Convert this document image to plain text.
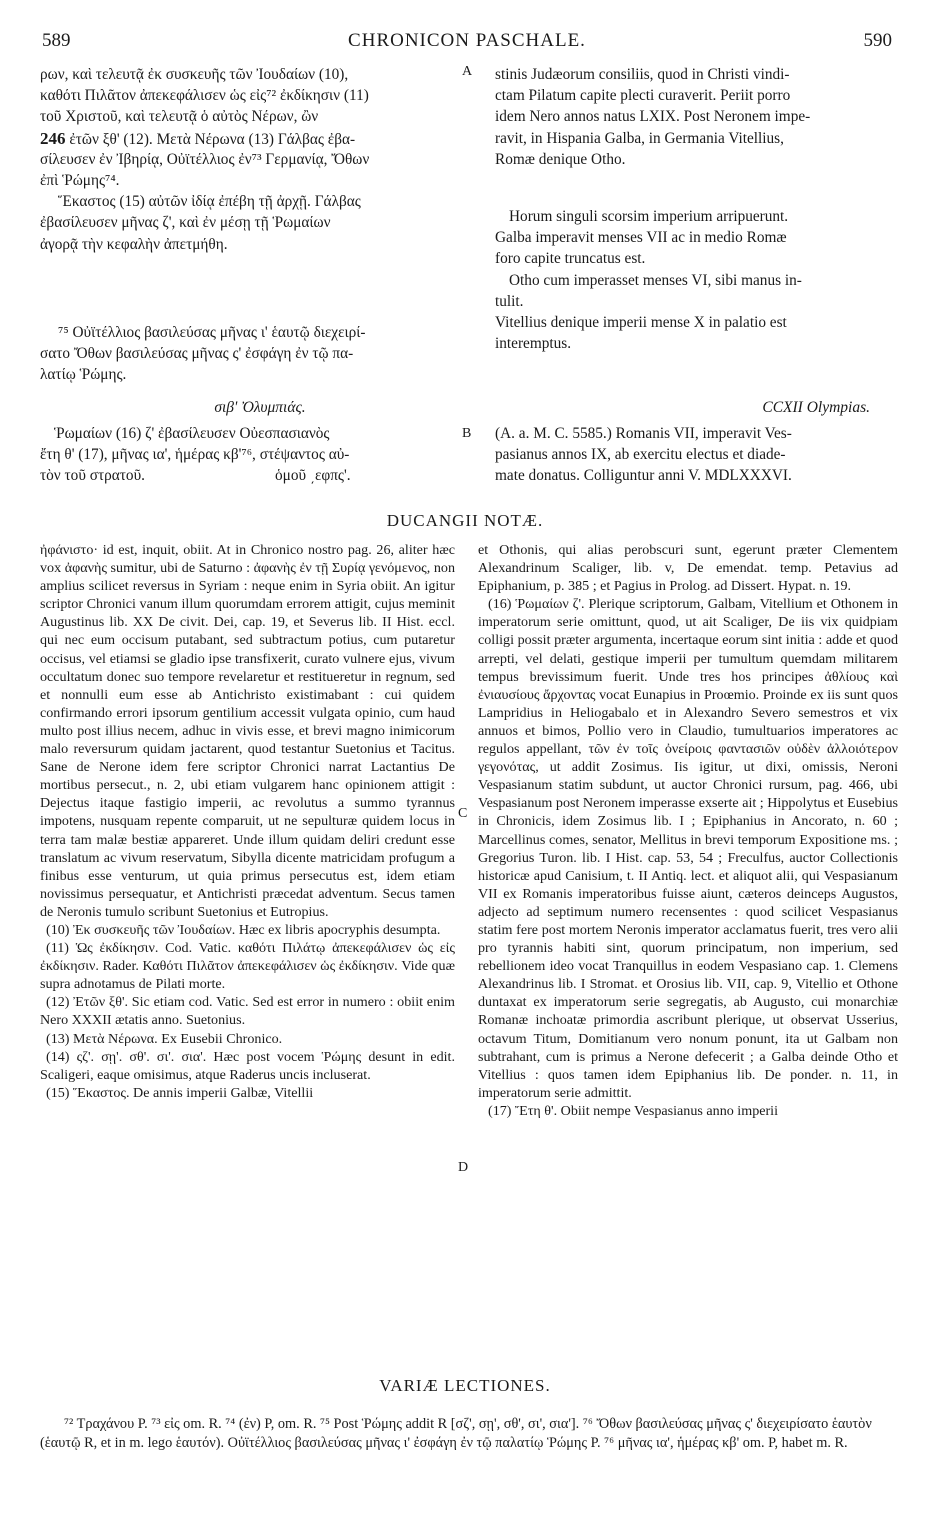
589	CHRONICON PASCHALE.	590
ρων, καὶ τελευτᾷ ἐκ συσκευῆς τῶν Ἰουδαίων (10),
καθότι Πιλᾶτον ἀπεκεφάλισεν ὡς εἰς⁷² ἐκδίκησιν (11)
τοῦ Χριστοῦ, καὶ τελευτᾷ ὁ αὐτὸς Νέρων, ὢν
246 ἐτῶν ξθ' (12). Μετὰ Νέρωνα (13) Γάλβας ἐβα-
σίλευσεν ἐν Ἰβηρίᾳ, Οὐϊτέλλιος ἐν⁷³ Γερμανίᾳ, Ὄθων
ἐπὶ Ῥώμης⁷⁴.
Ἕκαστος (15) αὐτῶν ἰδίᾳ ἐπέβη τῇ ἀρχῇ. Γάλβας
ἐβασίλευσεν μῆνας ζ', καὶ ἐν μέσῃ τῇ Ῥωμαίων
ἀγορᾷ τὴν κεφαλὴν ἀπετμήθη.
⁷⁵ Οὐϊτέλλιος βασιλεύσας μῆνας ι' ἑαυτῷ διεχειρί-
σατο Ὄθων βασιλεύσας μῆνας ς' ἐσφάγη ἐν τῷ πα-
λατίῳ Ῥώμης.
σιβ' Ὀλυμπιάς.
Ῥωμαίων (16) ζ' ἐβασίλευσεν Οὐεσπασιανὸς
ἔτη θ' (17), μῆνας ια', ἡμέρας κβ'⁷⁶, στέψαντος αὐ-
τὸν τοῦ στρατοῦ.	ὁμοῦ ͵εφπς'.
stinis Judæorum consiliis, quod in Christi vindi-
ctam Pilatum capite plecti curaverit. Periit porro
idem Nero annos natus LXIX. Post Neronem impe-
ravit, in Hispania Galba, in Germania Vitellius,
Romæ denique Otho.
Horum singuli scorsim imperium arripuerunt.
Galba imperavit menses VII ac in medio Romæ
foro capite truncatus est.
Otho cum imperasset menses VI, sibi manus in-
tulit.
Vitellius denique imperii mense X in palatio est
interemptus.
CCXII Olympias.
(A. a. M. C. 5585.) Romanis VII, imperavit Ves-
pasianus annos IX, ab exercitu electus et diade-
mate donatus. Colliguntur anni V. MDLXXXVI.
A
B
C
D
DUCANGII NOTÆ.

ἠφάνιστο· id est, inquit, obiit. At in Chronico nostro pag. 26, aliter hæc vox ἀφανὴς sumitur, ubi de Saturno : ἀφανὴς ἐν τῇ Συρίᾳ γενόμενος, non amplius scilicet reversus in Syriam : neque enim in Syria obiit. An igitur scriptor Chronici vanum illum quorumdam errorem attigit, cujus meminit Augustinus lib. XX De civit. Dei, cap. 19, et Severus lib. II Hist. eccl. qui nec eum occisum putabant, sed subtractum potius, cum putaretur occisus, vel etiamsi se gladio ipse transfixerit, curato vulnere ejus, vivum occultatum donec suo tempore revelaretur et restitueretur in regnum, sed et nonnulli eum esse ab Antichristo existimabant : cui quidem confirmando errori ipsorum gentilium accessit vulgata opinio, cum haud multo post illius necem, adhuc in vivis esse, et brevi magno inimicorum malo reversurum quidam jactarent, quod testantur Suetonius et Tacitus. Sane de Nerone idem fere scriptor Chronici narrat Lactantius De mortibus persecut., n. 2, ubi etiam vulgarem hanc opinionem attigit : Dejectus itaque fastigio imperii, ac revolutus a summo tyrannus impotens, nusquam repente comparuit, ut ne sepulturæ quidem locus in terra tam malæ bestiæ appareret. Unde illum quidam deliri credunt esse translatum ac vivum reservatum, Sibylla dicente matricidam profugum a finibus esse venturum, ut quia primus persecutus est, idem etiam novissimus persequatur, et Antichristi præcedat adventum. Secus tamen de Neronis tumulo scribunt Suetonius et Eutropius.

(10) Ἐκ συσκευῆς τῶν Ἰουδαίων. Hæc ex libris apocryphis desumpta.

(11) Ὡς ἐκδίκησιν. Cod. Vatic. καθότι Πιλάτῳ ἀπεκεφάλισεν ὡς εἰς ἐκδίκησιν. Rader. Καθότι Πιλᾶτον ἀπεκεφάλισεν ὡς ἐκδίκησιν. Vide quæ supra adnotamus de Pilati morte.

(12) Ἐτῶν ξθ'. Sic etiam cod. Vatic. Sed est error in numero : obiit enim Nero XXXII ætatis anno. Suetonius.

(13) Μετὰ Νέρωνα. Ex Eusebii Chronico.

(14) ςζ'. σῃ'. σθ'. σι'. σια'. Hæc post vocem Ῥώμης desunt in edit. Scaligeri, eaque omisimus, atque Raderus uncis incluserat.

(15) Ἕκαστος. De annis imperii Galbæ, Vitellii

et Othonis, qui alias perobscuri sunt, egerunt præter Clementem Alexandrinum Scaliger, lib. v, De emendat. temp. Petavius ad Epiphanium, p. 385 ; et Pagius in Prolog. ad Dissert. Hypat. n. 19.

(16) Ῥωμαίων ζ'. Plerique scriptorum, Galbam, Vitellium et Othonem in imperatorum serie omittunt, quod, ut ait Scaliger, De iis vix quidpiam colligi possit præter argumenta, incertaque eorum sint initia : adde et quod arrepti, vel delati, gestique imperii per tumultum quemdam militarem tempus brevissimum fuerit. Unde tres hos principes ἀθλίους καὶ ἐνιαυσίους ἄρχοντας vocat Eunapius in Proœmio. Proinde ex iis sunt quos Lampridius in Heliogabalo et in Alexandro Severo semestros et vix annuos et bimos, Pollio vero in Claudio, tumultuarios imperatores ac regulos appellant, τῶν ἐν τοῖς ὀνείροις φαντασιῶν οὐδὲν ἀλλοιότερον γεγονότας, ut addit Zosimus. Iis igitur, ut dixi, omissis, Neroni Vespasianum statim subdunt, ut auctor Chronici rursum, pag. 466, ubi Vespasianum post Neronem imperasse exserte ait ; Hippolytus et Eusebius in Chronicis, idem Zosimus lib. I ; Epiphanius in Ancorato, n. 60 ; Marcellinus comes, senator, Mellitus in brevi temporum Expositione ms. ; Gregorius Turon. lib. I Hist. cap. 53, 54 ; Freculfus, auctor Collectionis historicæ apud Canisium, t. II Antiq. lect. et aliquot alii, qui Vespasianum VII ex Romanis imperatoribus fuisse aiunt, cæteros deinceps Augustos, adjecto ad septimum numero recensentes : quod scilicet Vespasianus statim fere post mortem Neronis imperator acclamatus fuerit, tres vero alii pro tyrannis habiti sint, quorum principatum, non imperium, sed rebellionem ideo vocat Tranquillus in eodem Vespasiano cap. 1. Clemens Alexandrinus lib. I Stromat. et Orosius lib. VII, cap. 9, Vitellio et Othone duntaxat ex imperatorum serie segregatis, ab Augusto, cui monarchiæ Romanæ inchoatæ primordia ascribunt plerique, ut observat Usserius, octavum Titum, Domitianum vero nonum ponunt, ita ut Galbam non subtrahant, cum is primus a Nerone defecerit ; a Galba deinde Otho et Vitellius : quos tamen idem Epiphanius lib. De ponder. n. 11, in imperatorum serie admittit.

(17) Ἔτη θ'. Obiit nempe Vespasianus anno imperii

VARIÆ LECTIONES.

⁷² Τραχάνου P. ⁷³ εἰς om. R. ⁷⁴ (ἐν) P, om. R. ⁷⁵ Post Ῥώμης addit R [σζ', σῃ', σθ', σι', σια']. ⁷⁶ Ὄθων βασιλεύσας μῆνας ς' διεχειρίσατο ἑαυτὸν (ἑαυτῷ R, et in m. lego ἑαυτόν). Οὐϊτέλλιος βασιλεύσας μῆνας ι' ἐσφάγη ἐν τῷ παλατίῳ Ῥώμης P. ⁷⁶ μῆνας ια', ἡμέρας κβ' om. P, habet m. R.
